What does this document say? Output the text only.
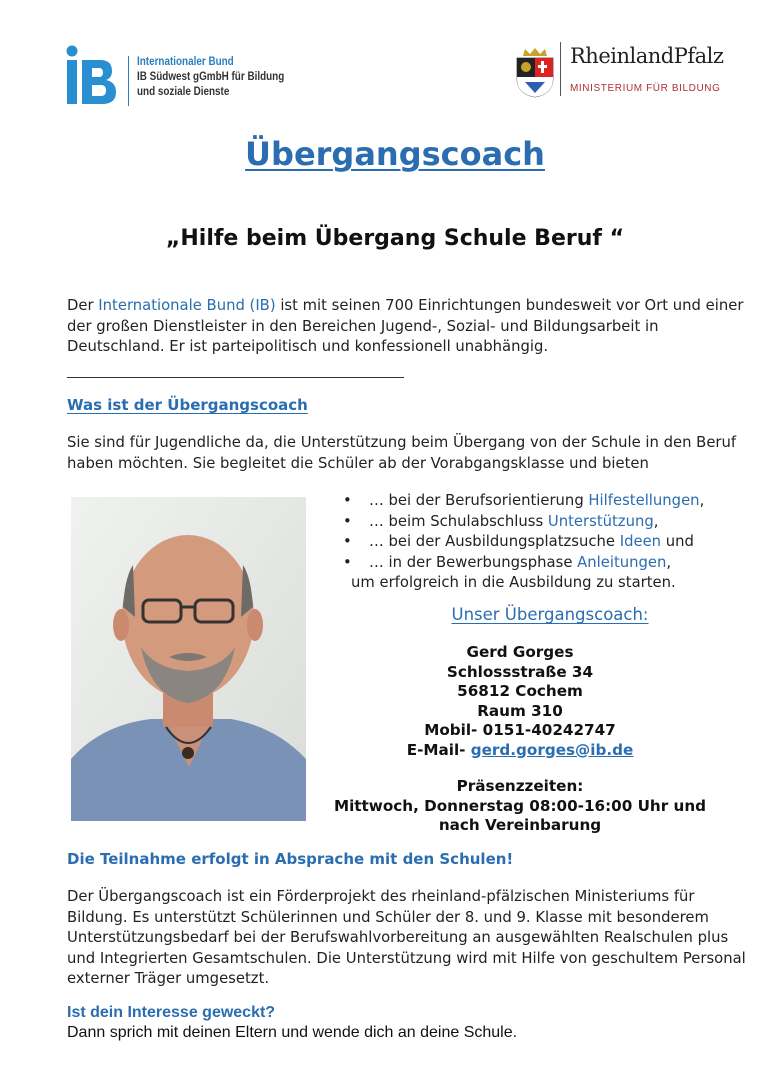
Internationaler Bund
IB Südwest gGmbH für Bildung
und soziale Dienste
RheinlandPfalz
MINISTERIUM FÜR BILDUNG
Übergangscoach
„Hilfe beim Übergang Schule Beruf “
Der Internationale Bund (IB) ist mit seinen 700 Einrichtungen bundesweit vor Ort und einer der großen Dienstleister in den Bereichen Jugend-, Sozial- und Bildungsarbeit in Deutschland. Er ist parteipolitisch und konfessionell unabhängig.
Was ist der Übergangscoach
Sie sind für Jugendliche da, die Unterstützung beim Übergang von der Schule in den Beruf haben möchten. Sie begleitet die Schüler ab der Vorabgangsklasse und bieten
•	… bei der Berufsorientierung Hilfestellungen,
•	… beim Schulabschluss Unterstützung,
•	… bei der Ausbildungsplatzsuche Ideen und
•	… in der Bewerbungsphase Anleitungen,
um erfolgreich in die Ausbildung zu starten.
Unser Übergangscoach:
Gerd Gorges
Schlossstraße 34
56812 Cochem
Raum 310
Mobil- 0151-40242747
E-Mail- gerd.gorges@ib.de
Präsenzzeiten:
Mittwoch, Donnerstag 08:00-16:00 Uhr und
nach Vereinbarung
Die Teilnahme erfolgt in Absprache mit den Schulen!
Der Übergangscoach ist ein Förderprojekt des rheinland-pfälzischen Ministeriums für Bildung. Es unterstützt Schülerinnen und Schüler der 8. und 9. Klasse mit besonderem Unterstützungsbedarf bei der Berufswahlvorbereitung an ausgewählten Realschulen plus und Integrierten Gesamtschulen. Die Unterstützung wird mit Hilfe von geschultem Personal externer Träger umgesetzt.
Ist dein Interesse geweckt?
Dann sprich mit deinen Eltern und wende dich an deine Schule.
